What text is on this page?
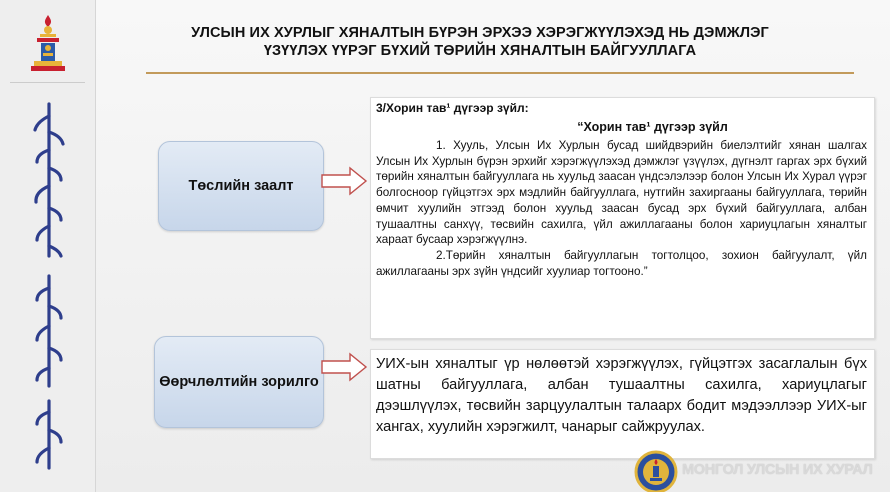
УЛСЫН ИХ ХУРЛЫГ ХЯНАЛТЫН БҮРЭН ЭРХЭЭ ХЭРЭГЖҮҮЛЭХЭД НЬ ДЭМЖЛЭГ
ҮЗҮҮЛЭХ ҮҮРЭГ БҮХИЙ ТӨРИЙН ХЯНАЛТЫН БАЙГУУЛЛАГА
Төслийн заалт
3/Хорин тав¹ дүгээр зүйл:
“Хорин тав¹ дүгээр зүйл

1. Хууль, Улсын Их Хурлын бусад шийдвэрийн биелэлтийг хянан шалгах Улсын Их Хурлын бүрэн эрхийг хэрэгжүүлэхэд дэмжлэг үзүүлэх, дүгнэлт гаргах эрх бүхий төрийн хяналтын байгууллага нь хуульд заасан үндсэлэлээр болон Улсын Их Хурал үүрэг болгосноор гүйцэтгэх эрх мэдлийн байгууллага, нутгийн захиргааны байгууллага, төрийн өмчит хуулийн этгээд болон хуульд заасан бусад эрх бүхий байгууллага, албан тушаалтны санхүү, төсвийн сахилга, үйл ажиллагааны болон хариуцлагын хяналтыг хараат бусаар хэрэгжүүлнэ.

2.Төрийн хяналтын байгууллагын тогтолцоо, зохион байгуулалт, үйл ажиллагааны эрх зүйн үндсийг хуулиар тогтооно.”

Өөрчлөлтийн зорилго
УИХ-ын хяналтыг үр нөлөөтэй хэрэгжүүлэх, гүйцэтгэх засаглалын бүх шатны байгууллага, албан тушаалтны сахилга, хариуцлагыг дээшлүүлэх, төсвийн зарцуулалтын талаарх бодит мэдээллээр УИХ-ыг хангах, хуулийн хэрэгжилт, чанарыг сайжруулах.
МОНГОЛ УЛСЫН ИХ ХУРАЛ
